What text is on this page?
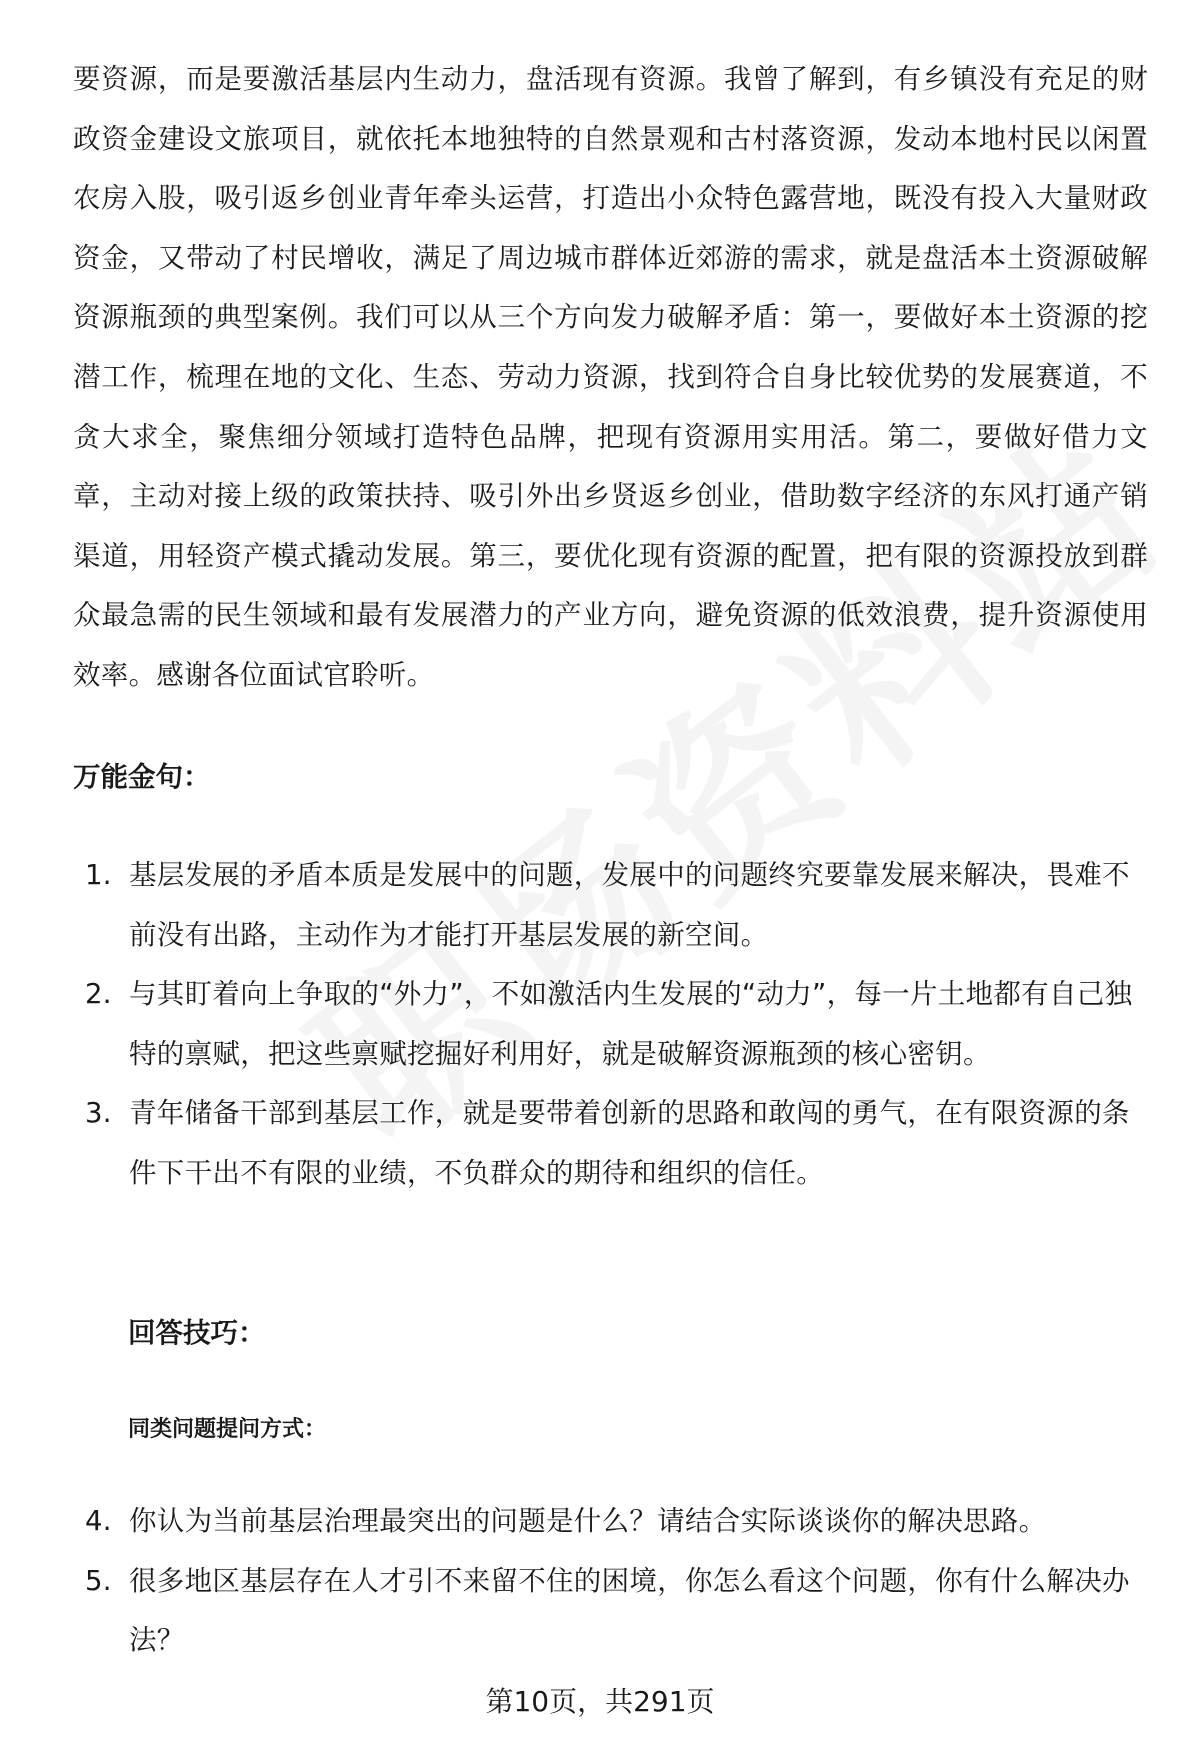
要资源，而是要激活基层内生动力，盘活现有资源。我曾了解到，有乡镇没有充足的财政资金建设文旅项目，就依托本地独特的自然景观和古村落资源，发动本地村民以闲置农房入股，吸引返乡创业青年牵头运营，打造出小众特色露营地，既没有投入大量财政资金，又带动了村民增收，满足了周边城市群体近郊游的需求，就是盘活本土资源破解资源瓶颈的典型案例。我们可以从三个方向发力破解矛盾：第一，要做好本土资源的挖潜工作，梳理在地的文化、生态、劳动力资源，找到符合自身比较优势的发展赛道，不贪大求全，聚焦细分领域打造特色品牌，把现有资源用实用活。第二，要做好借力文章，主动对接上级的政策扶持、吸引外出乡贤返乡创业，借助数字经济的东风打通产销渠道，用轻资产模式撬动发展。第三，要优化现有资源的配置，把有限的资源投放到群众最急需的民生领域和最有发展潜力的产业方向，避免资源的低效浪费，提升资源使用效率。感谢各位面试官聆听。

万能金句：

1. 基层发展的矛盾本质是发展中的问题，发展中的问题终究要靠发展来解决，畏难不前没有出路，主动作为才能打开基层发展的新空间。
2. 与其盯着向上争取的“外力”，不如激活内生发展的“动力”，每一片土地都有自己独特的禀赋，把这些禀赋挖掘好利用好，就是破解资源瓶颈的核心密钥。
3. 青年储备干部到基层工作，就是要带着创新的思路和敢闯的勇气，在有限资源的条件下干出不有限的业绩，不负群众的期待和组织的信任。

回答技巧：

同类问题提问方式：

4. 你认为当前基层治理最突出的问题是什么？请结合实际谈谈你的解决思路。
5. 很多地区基层存在人才引不来留不住的困境，你怎么看这个问题，你有什么解决办法？

第10页，共291页
